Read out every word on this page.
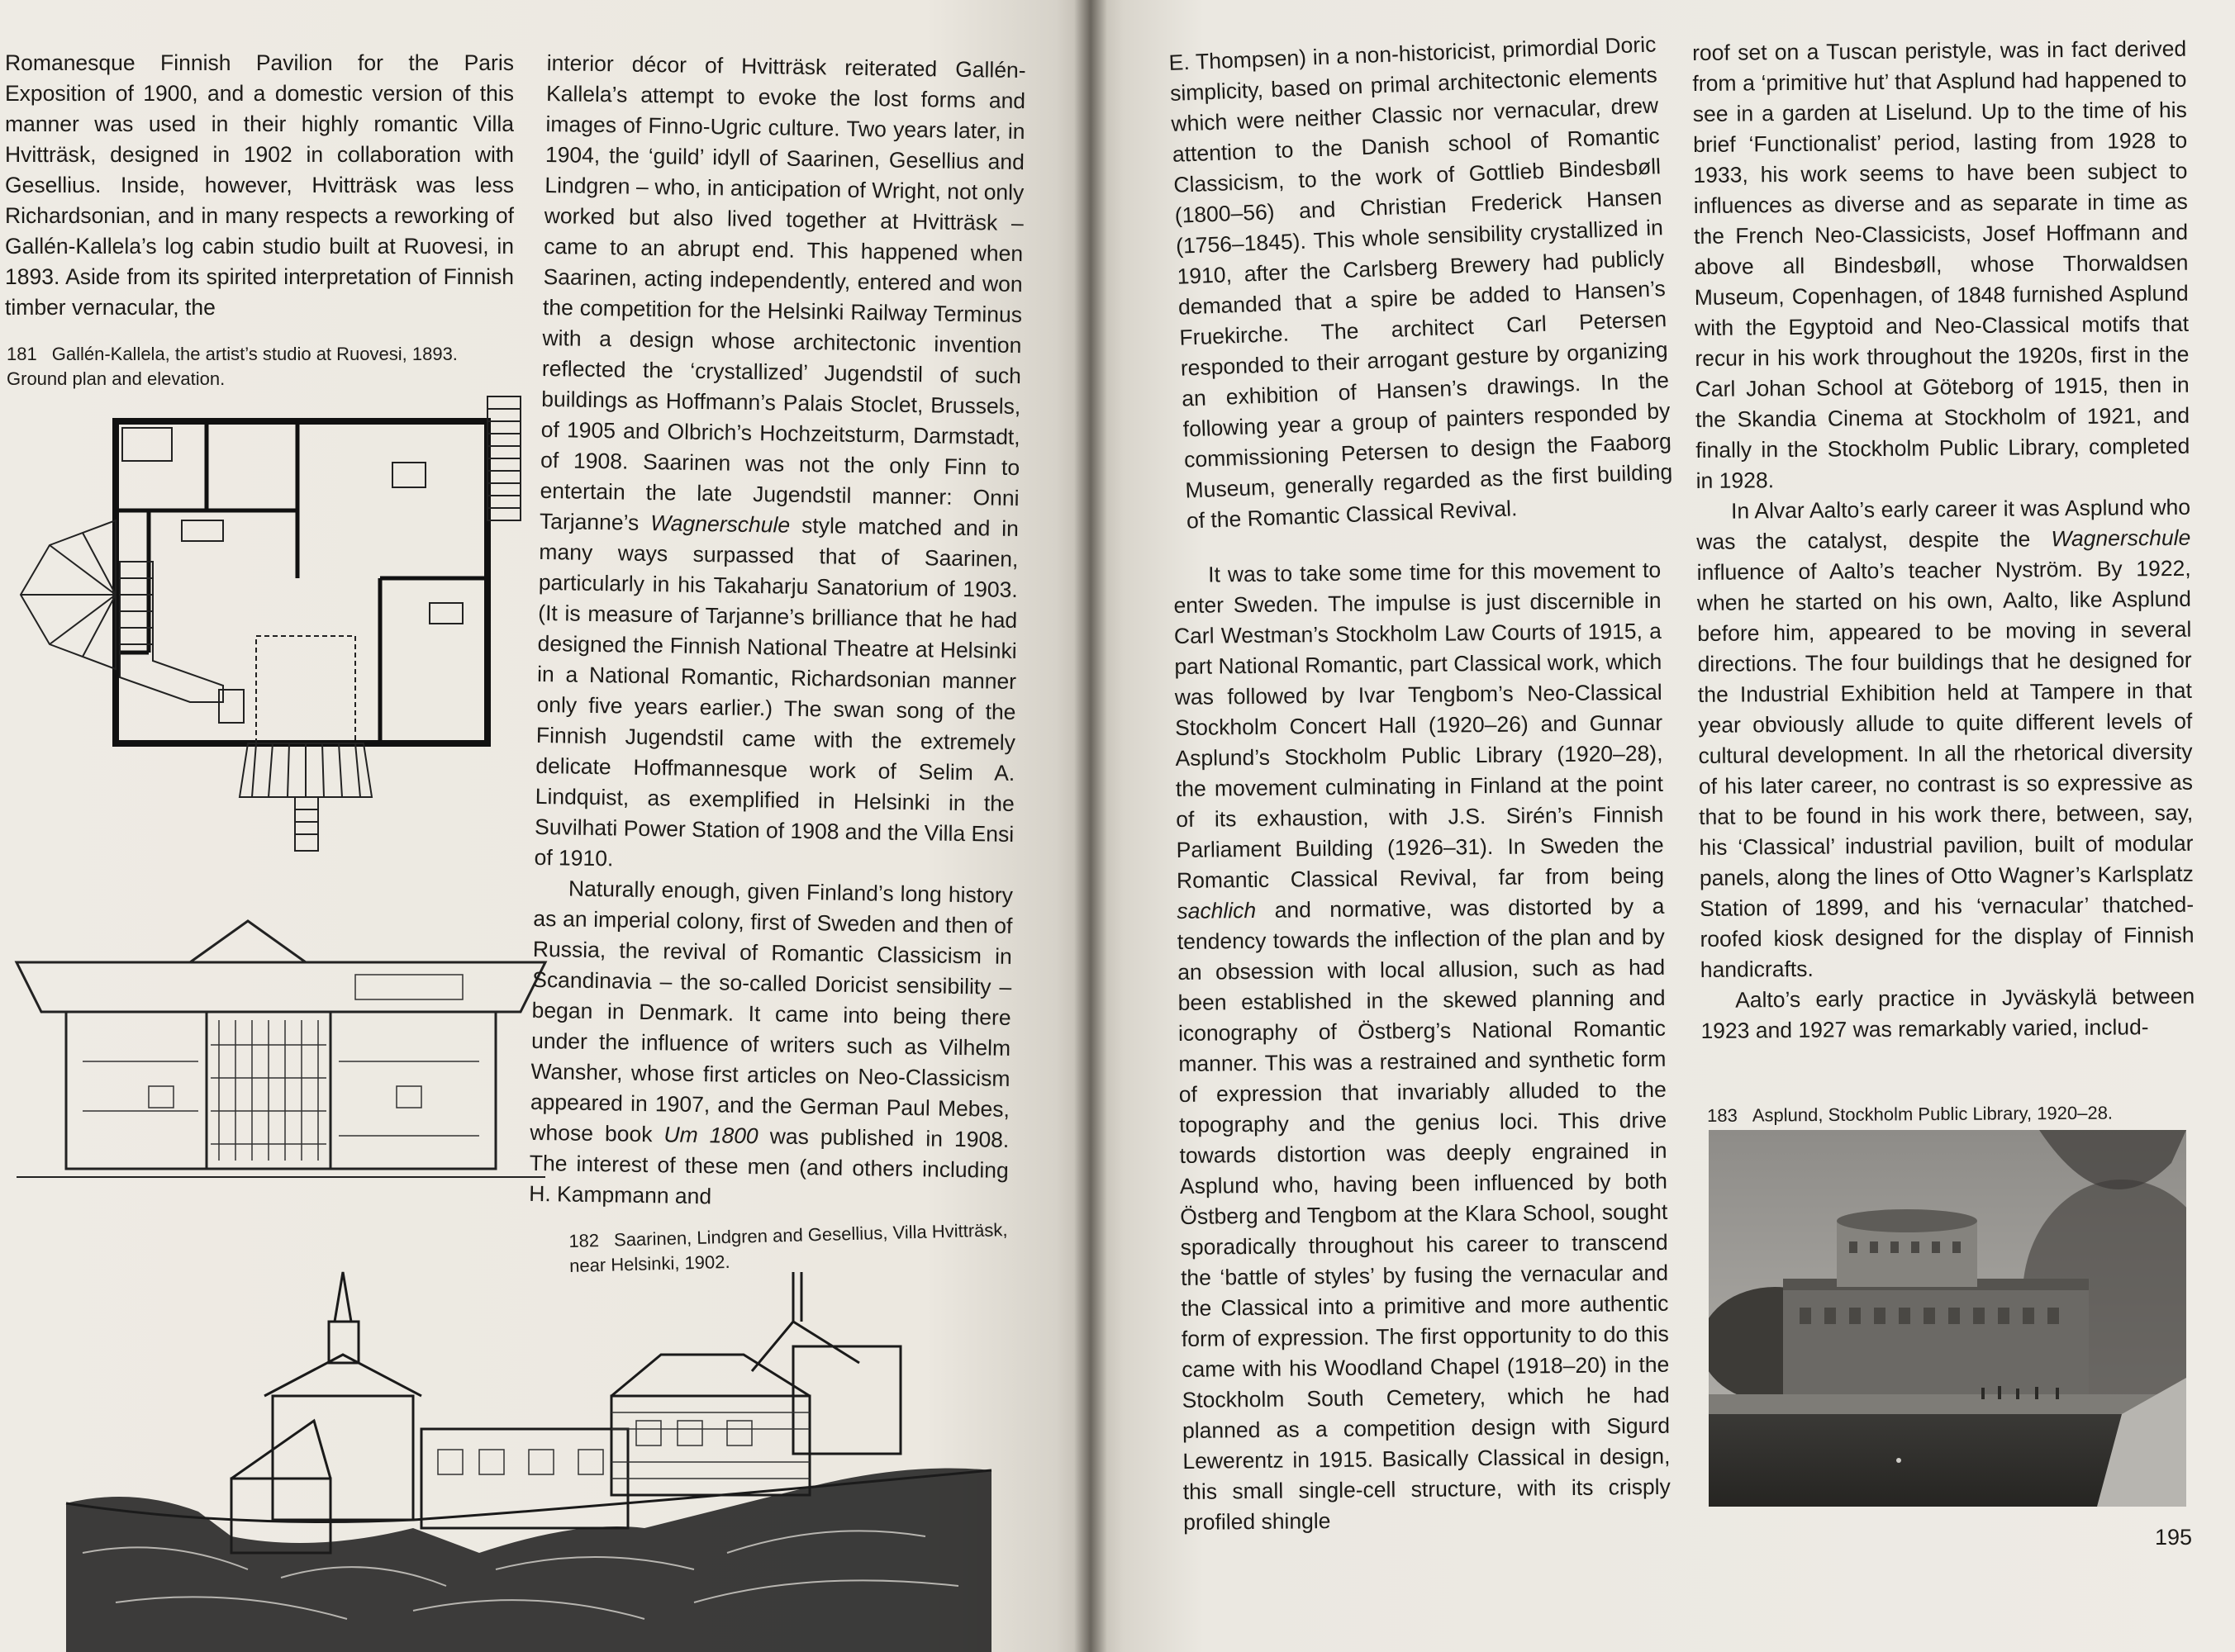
Romanesque Finnish Pavilion for the Paris Exposition of 1900, and a domestic version of this manner was used in their highly romantic Villa Hvitträsk, designed in 1902 in collaboration with Gesellius. Inside, however, Hvitträsk was less Richardsonian, and in many respects a reworking of Gallén-Kallela’s log cabin studio built at Ruovesi, in 1893. Aside from its spirited interpretation of Finnish timber vernacular, the

181 Gallén-Kallela, the artist’s studio at Ruovesi, 1893. Ground plan and elevation.

interior décor of Hvitträsk reiterated Gallén-Kallela’s attempt to evoke the lost forms and images of Finno-Ugric culture. Two years later, in 1904, the ‘guild’ idyll of Saarinen, Gesellius and Lindgren – who, in anticipation of Wright, not only worked but also lived together at Hvitträsk – came to an abrupt end. This happened when Saarinen, acting independently, entered and won the competition for the Helsinki Railway Terminus with a design whose architectonic invention reflected the ‘crystallized’ Jugendstil of such buildings as Hoffmann’s Palais Stoclet, Brussels, of 1905 and Olbrich’s Hochzeitsturm, Darmstadt, of 1908. Saarinen was not the only Finn to entertain the late Jugendstil manner: Onni Tarjanne’s Wagnerschule style matched and in many ways surpassed that of Saarinen, particularly in his Takaharju Sanatorium of 1903. (It is measure of Tarjanne’s brilliance that he had designed the Finnish National Theatre at Helsinki in a National Romantic, Richardsonian manner only five years earlier.) The swan song of the Finnish Jugendstil came with the extremely delicate Hoffmannesque work of Selim A. Lindquist, as exemplified in Helsinki in the Suvilhati Power Station of 1908 and the Villa Ensi of 1910.

Naturally enough, given Finland’s long history as an imperial colony, first of Sweden and then of Russia, the revival of Romantic Classicism in Scandinavia – the so-called Doricist sensibility – began in Denmark. It came into being there under the influence of writers such as Vilhelm Wansher, whose first articles on Neo-Classicism appeared in 1907, and the German Paul Mebes, whose book Um 1800 was published in 1908. The interest of these men (and others including H. Kampmann and

182 Saarinen, Lindgren and Gesellius, Villa Hvitträsk, near Helsinki, 1902.

E. Thompsen) in a non-historicist, primordial Doric simplicity, based on primal architectonic elements which were neither Classic nor vernacular, drew attention to the Danish school of Romantic Classicism, to the work of Gottlieb Bindesbøll (1800–56) and Christian Frederick Hansen (1756–1845). This whole sensibility crystallized in 1910, after the Carlsberg Brewery had publicly demanded that a spire be added to Hansen’s Fruekirche. The architect Carl Petersen responded to their arrogant gesture by organizing an exhibition of Hansen’s drawings. In the following year a group of painters responded by commissioning Petersen to design the Faaborg Museum, generally regarded as the first building of the Romantic Classical Revival.

It was to take some time for this movement to enter Sweden. The impulse is just discernible in Carl Westman’s Stockholm Law Courts of 1915, a part National Romantic, part Classical work, which was followed by Ivar Tengbom’s Neo-Classical Stockholm Concert Hall (1920–26) and Gunnar Asplund’s Stockholm Public Library (1920–28), the movement culminating in Finland at the point of its exhaustion, with J.S. Sirén’s Finnish Parliament Building (1926–31). In Sweden the Romantic Classical Revival, far from being sachlich and normative, was distorted by a tendency towards the inflection of the plan and by an obsession with local allusion, such as had been established in the skewed planning and iconography of Östberg’s National Romantic manner. This was a restrained and synthetic form of expression that invariably alluded to the topography and the genius loci. This drive towards distortion was deeply engrained in Asplund who, having been influenced by both Östberg and Tengbom at the Klara School, sought sporadically throughout his career to transcend the ‘battle of styles’ by fusing the vernacular and the Classical into a primitive and more authentic form of expression. The first opportunity to do this came with his Woodland Chapel (1918–20) in the Stockholm South Cemetery, which he had planned as a competition design with Sigurd Lewerentz in 1915. Basically Classical in design, this small single-cell structure, with its crisply profiled shingle

roof set on a Tuscan peristyle, was in fact derived from a ‘primitive hut’ that Asplund had happened to see in a garden at Liselund. Up to the time of his brief ‘Functionalist’ period, lasting from 1928 to 1933, his work seems to have been subject to influences as diverse and as separate in time as the French Neo-Classicists, Josef Hoffmann and above all Bindesbøll, whose Thorwaldsen Museum, Copenhagen, of 1848 furnished Asplund with the Egyptoid and Neo-Classical motifs that recur in his work throughout the 1920s, first in the Carl Johan School at Göteborg of 1915, then in the Skandia Cinema at Stockholm of 1921, and finally in the Stockholm Public Library, completed in 1928.

In Alvar Aalto’s early career it was Asplund who was the catalyst, despite the Wagnerschule influence of Aalto’s teacher Nyström. By 1922, when he started on his own, Aalto, like Asplund before him, appeared to be moving in several directions. The four buildings that he designed for the Industrial Exhibition held at Tampere in that year obviously allude to quite different levels of cultural development. In all the rhetorical diversity of his later career, no contrast is so expressive as that to be found in his work there, between, say, his ‘Classical’ industrial pavilion, built of modular panels, along the lines of Otto Wagner’s Karlsplatz Station of 1899, and his ‘vernacular’ thatched-roofed kiosk designed for the display of Finnish handicrafts.

Aalto’s early practice in Jyväskylä between 1923 and 1927 was remarkably varied, includ-

183 Asplund, Stockholm Public Library, 1920–28.
195
